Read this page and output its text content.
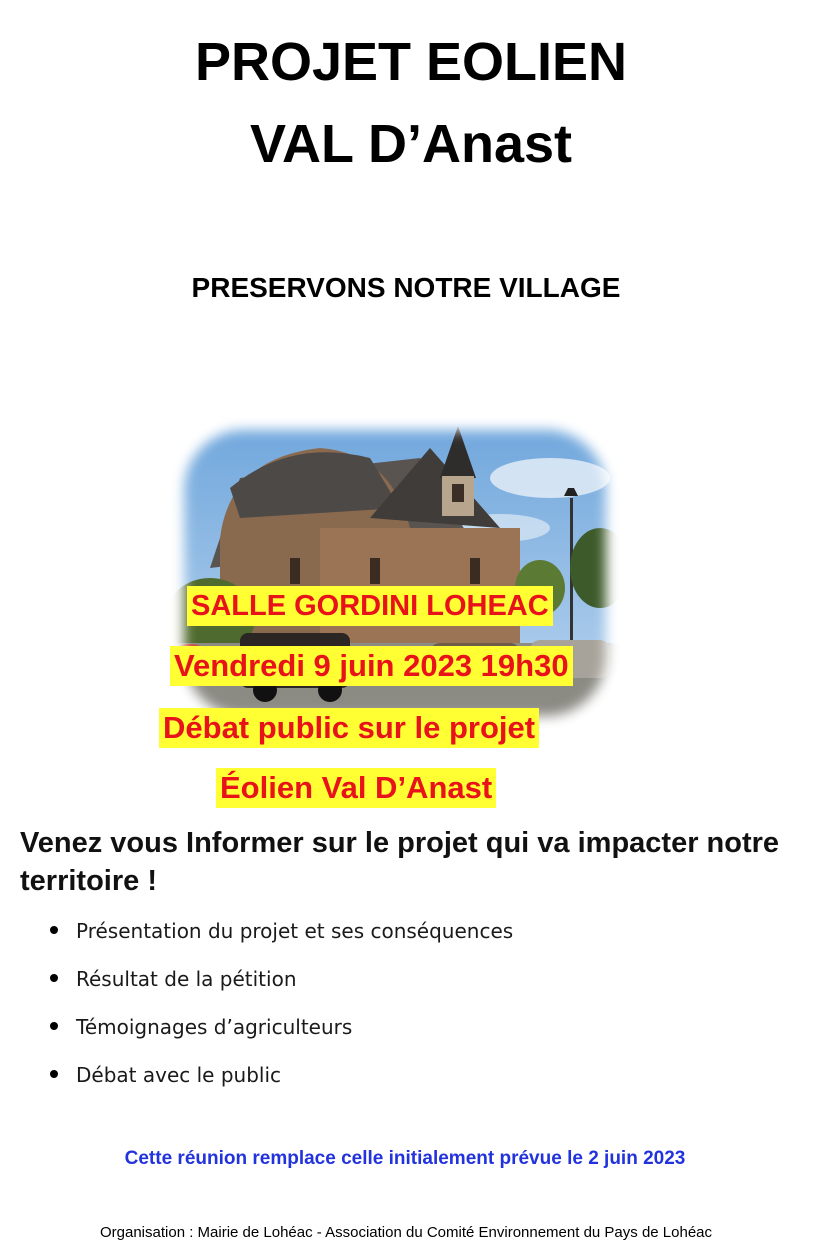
PROJET EOLIEN
VAL D’Anast
PRESERVONS NOTRE VILLAGE
SALLE GORDINI LOHEAC
Vendredi 9 juin 2023 19h30
Débat public sur le projet
Éolien Val D’Anast
Venez vous Informer sur le projet qui va impacter notre territoire !
Présentation du projet et ses conséquences
Résultat de la pétition
Témoignages d’agriculteurs
Débat avec le public
Cette réunion remplace celle initialement prévue le 2 juin 2023
Organisation : Mairie de Lohéac - Association du Comité Environnement du Pays de Lohéac
